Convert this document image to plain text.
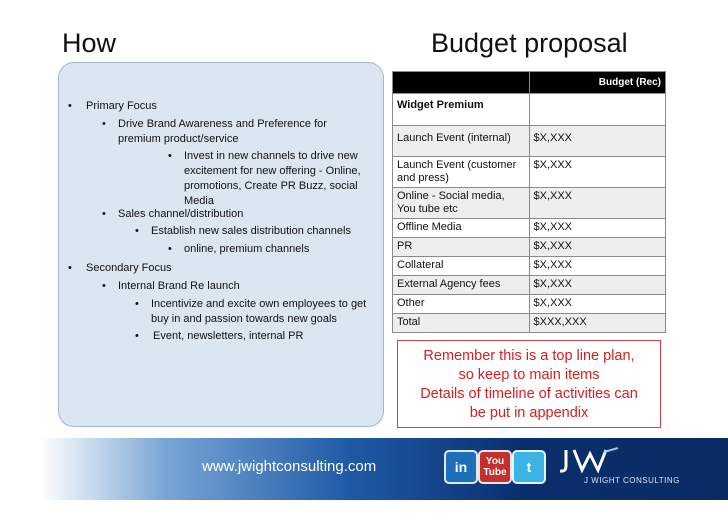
How	Budget proposal
•	Primary Focus
•	Drive Brand Awareness and Preference for premium product/service
•	Invest in new channels to drive new excitement for new offering - Online, promotions, Create PR Buzz, social Media
•	Sales channel/distribution
•	Establish new sales distribution channels
•	online, premium channels
•	Secondary Focus
•	Internal Brand Re launch
•	Incentivize and excite own employees to get buy in and passion towards new goals
•	Event, newsletters, internal PR
	Budget (Rec)
Widget Premium	
Launch Event (internal)	$X,XXX
Launch Event (customer and press)	$X,XXX
Online - Social media, You tube etc	$X,XXX
Offline Media	$X,XXX
PR	$X,XXX
Collateral	$X,XXX
External Agency fees	$X,XXX
Other	$X,XXX
Total	$XXX,XXX
Remember this is a top line plan,
so keep to main items
Details of timeline of activities can
be put in appendix
www.jwightconsulting.com	in	You Tube	t
J WIGHT CONSULTING
